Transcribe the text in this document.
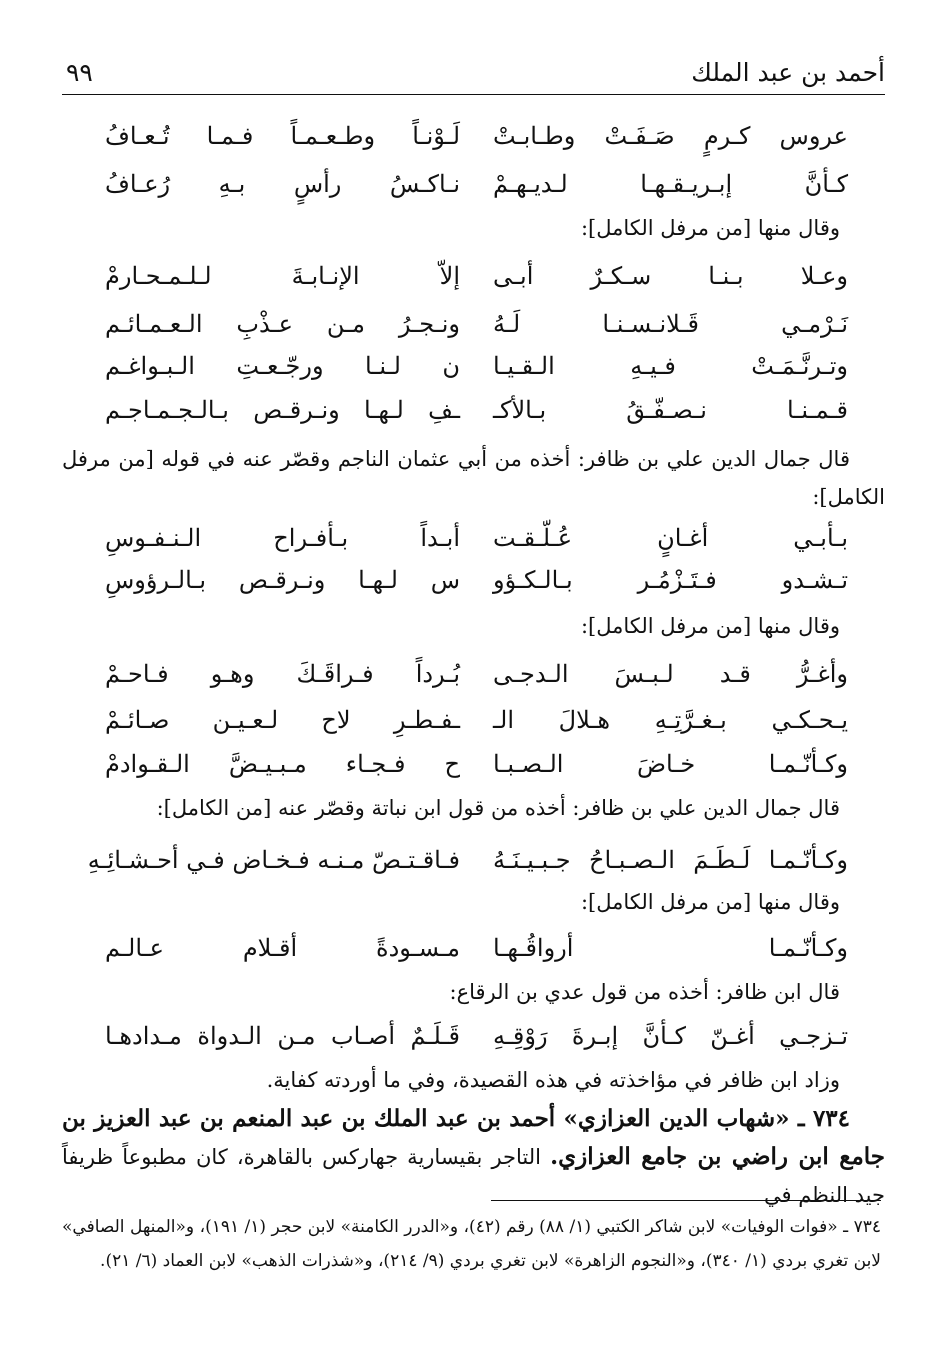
أحمد بن عبد الملك
٩٩
عروس كـرمٍ صَـفَـتْ وطـابـتْ
لَـوْنـاً وطـعـمـاً فـمـا تُـعـافُ
كـأنَّ إبـريـقـهـا لـديـهـمْ
نـاكـسُ رأسٍ بـهِ رُعـافُ
وقال منها [من مرفل الكامل]:
وعـلا بـنـا سـكـرٌ أبـى
إلاّ الإنـابـةَ لـلـمـحـارمْ
نَـرْمـي قَـلانـسـنـا لَـهُ
ونـجـرُ مـن عـذْبِ الـعـمـائـم
وتـرنَّـمَـتْ فـيـهِ الـقـيـا
ن لـنـا ورجّـعـتِ الـبـواغـم
قـمـنـا نـصـفّـقُ بـالأكـ
ـفِ لـهـا ونـرقـص بـالـجـمـاجـم
قال جمال الدين علي بن ظافر: أخذه من أبي عثمان الناجم وقصّر عنه في قوله [من مرفل الكامل]:
بـأبـي أغـانٍ عُـلّـقـت
أبـداً بـأفـراح الـنـفـوسِ
تـشـدو فـتَـزْمُـر بـالـكـؤو
س لـهـا ونـرقـص بـالـرؤوسِ
وقال منها [من مرفل الكامل]:
وأغـرُّ قـد لـبـسَ الـدجـى
بُـرداً فـراقَـكَ وهـو فـاحـمْ
يـحـكـي بـغـرَّتِـهِ هـلالَ الـ
ـفـطـرِ لاح لـعـيـن صـائـمْ
وكـأنّـمـا خـاضَ الـصـبـا
ح فـجـاء مـبـيـضَّ الـقـوادمْ
قال جمال الدين علي بن ظافر: أخذه من قول ابن نباتة وقصّر عنه [من الكامل]:
وكـأنّـمـا لَـطَـمَ الـصـبـاحُ جـبـيـنَـهُ
فـاقـتـصّ مـنـه فـخـاض فـي أحـشـائِـهِ
وقال منها [من مرفل الكامل]:
وكـأنّـمـا أرواقُـهـا
مـسـودةً أقـلام عـالـم
قال ابن ظافر: أخذه من قول عدي بن الرقاع:
تـزجـي أغـنّ كـأنَّ إبـرةَ رَوْقِـهِ
قَـلَـمٌ أصـاب مـن الـدواة مـدادهـا
وزاد ابن ظافر في مؤاخذته في هذه القصيدة، وفي ما أوردته كفاية.
٧٣٤ ـ «شهاب الدين العزازي» أحمد بن عبد الملك بن عبد المنعم بن عبد العزيز بن جامع ابن راضي بن جامع العزازي. التاجر بقيسارية جهاركس بالقاهرة، كان مطبوعاً ظريفاً جيد النظم في
٧٣٤ ـ «فوات الوفيات» لابن شاكر الكتبي (١/ ٨٨) رقم (٤٢)، و«الدرر الكامنة» لابن حجر (١/ ١٩١)، و«المنهل الصافي» لابن تغري بردي (١/ ٣٤٠)، و«النجوم الزاهرة» لابن تغري بردي (٩/ ٢١٤)، و«شذرات الذهب» لابن العماد (٦/ ٢١).
